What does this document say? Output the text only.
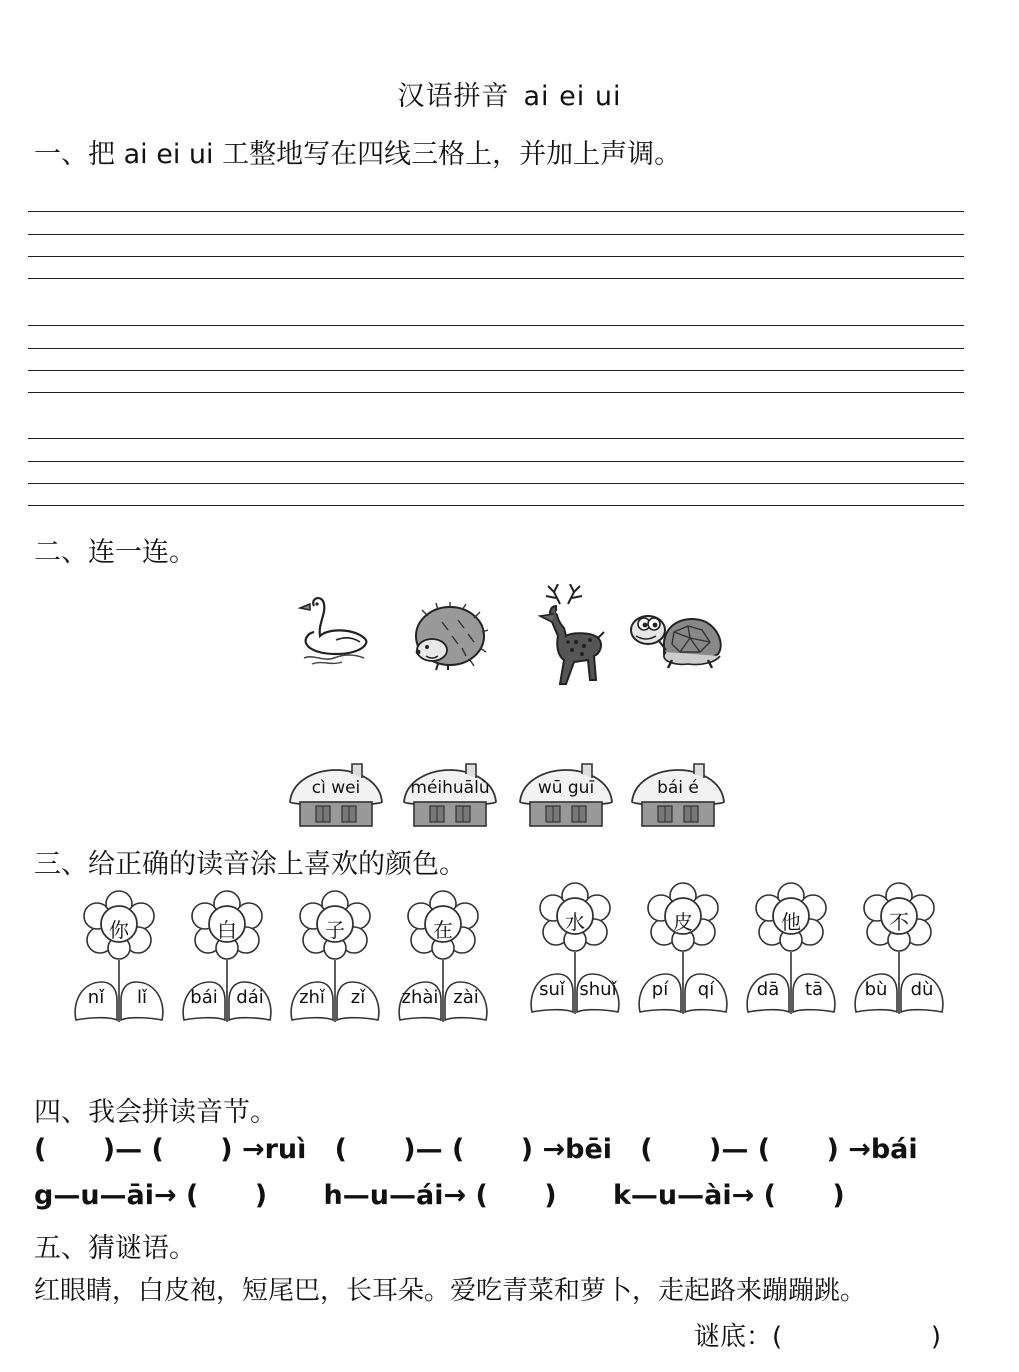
汉语拼音 ai ei ui
一、把 ai ei ui 工整地写在四线三格上，并加上声调。
二、连一连。
cì wei	méihuālù	wū guī	bái é
三、给正确的读音涂上喜欢的颜色。
你
nǐ	lǐ
白
bái	dái
子
zhǐ	zǐ
在
zhài zài
水
suǐ shuǐ
皮
pí	qí
他
dā	tā
不
bù	dù
四、我会拼读音节。
(      )— (      ) →ruì   (      )— (      ) →bēi   (      )— (      ) →bái
g—u—āi→ (      )      h—u—ái→ (      )      k—u—ài→ (      )
五、猜谜语。
红眼睛，白皮袍，短尾巴，长耳朵。爱吃青菜和萝卜，走起路来蹦蹦跳。
谜底：(                  )
